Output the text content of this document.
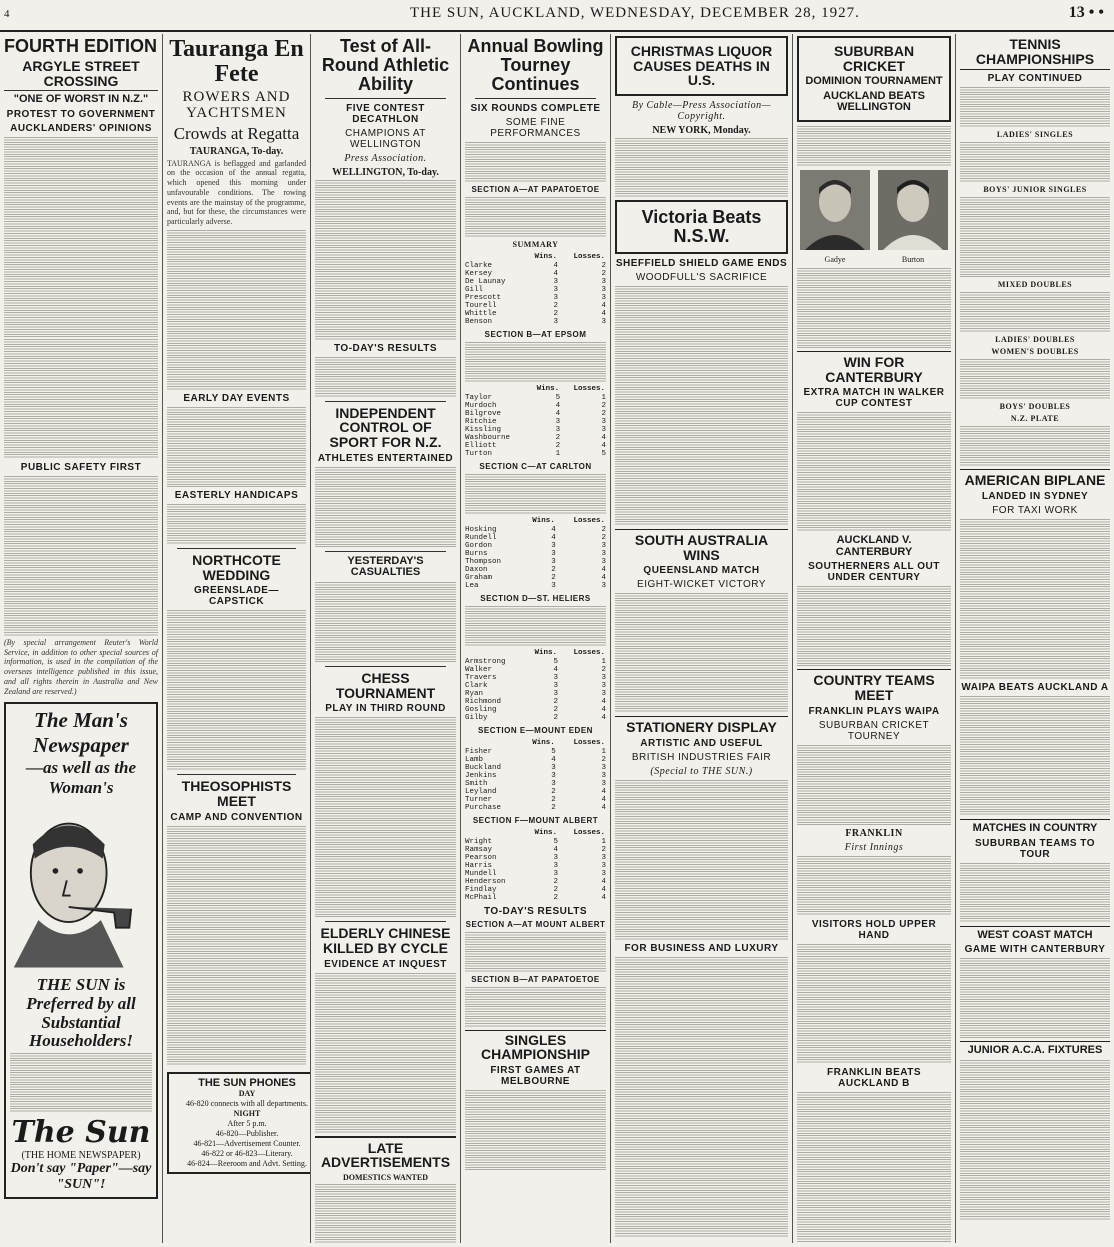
4	THE SUN, AUCKLAND, WEDNESDAY, DECEMBER 28, 1927.	13 • •
FOURTH EDITION
ARGYLE STREET CROSSING
"ONE OF WORST IN N.Z."
PROTEST TO GOVERNMENT
AUCKLANDERS' OPINIONS
PUBLIC SAFETY FIRST

(By special arrangement Reuter's World Service, in addition to other special sources of information, is used in the compilation of the overseas intelligence published in this issue, and all rights therein in Australia and New Zealand are reserved.)

The Man's Newspaper
—as well as the Woman's
THE SUN is Preferred by all
Substantial Householders!
The Sun
(THE HOME NEWSPAPER)
Don't say "Paper"—say "SUN"!
Tauranga En Fete
ROWERS AND YACHTSMEN
Crowds at Regatta
TAURANGA, To-day.

TAURANGA is beflagged and garlanded on the occasion of the annual regatta, which opened this morning under unfavourable conditions. The rowing events are the mainstay of the programme, and, but for these, the circumstances were particularly adverse.

EARLY DAY EVENTS
EASTERLY HANDICAPS
NORTHCOTE WEDDING
GREENSLADE—CAPSTICK
THEOSOPHISTS MEET
CAMP AND CONVENTION
THE SUN PHONES
DAY
46-820 connects with all departments.
NIGHT
After 5 p.m.
46-820—Publisher.
46-821—Advertisement Counter.
46-822 or 46-823—Literary.
46-824—Reeroom and Advt. Setting.
Test of All-Round Athletic Ability
FIVE CONTEST DECATHLON
CHAMPIONS AT WELLINGTON
Press Association.
WELLINGTON, To-day.
TO-DAY'S RESULTS
INDEPENDENT CONTROL OF SPORT FOR N.Z.
ATHLETES ENTERTAINED
YESTERDAY'S CASUALTIES
CHESS TOURNAMENT
PLAY IN THIRD ROUND
ELDERLY CHINESE KILLED BY CYCLE
EVIDENCE AT INQUEST
LATE ADVERTISEMENTS
DOMESTICS WANTED
Annual Bowling Tourney Continues
SIX ROUNDS COMPLETE
SOME FINE PERFORMANCES
SECTION A—AT PAPATOETOE
SUMMARY
	Wins.	Losses.
Clarke	4	2
Kersey	4	2
De Launay	3	3
Gill	3	3
Prescott	3	3
Tourell	2	4
Whittle	2	4
Benson	3	3
SECTION B—AT EPSOM
	Wins.	Losses.
Taylor	5	1
Murdoch	4	2
Bilgrove	4	2
Ritchie	3	3
Kissling	3	3
Washbourne	2	4
Elliott	2	4
Turton	1	5
SECTION C—AT CARLTON
	Wins.	Losses.
Hosking	4	2
Rundell	4	2
Gordon	3	3
Burns	3	3
Thompson	3	3
Daxon	2	4
Graham	2	4
Lea	3	3
SECTION D—ST. HELIERS
	Wins.	Losses.
Armstrong	5	1
Walker	4	2
Travers	3	3
Clark	3	3
Ryan	3	3
Richmond	2	4
Gosling	2	4
Gilby	2	4
SECTION E—MOUNT EDEN
	Wins.	Losses.
Fisher	5	1
Lamb	4	2
Buckland	3	3
Jenkins	3	3
Smith	3	3
Leyland	2	4
Turner	2	4
Purchase	2	4
SECTION F—MOUNT ALBERT
	Wins.	Losses.
Wright	5	1
Ramsay	4	2
Pearson	3	3
Harris	3	3
Mundell	3	3
Henderson	2	4
Findlay	2	4
McPhail	2	4
TO-DAY'S RESULTS
SECTION A—AT MOUNT ALBERT
SECTION B—AT PAPATOETOE
SINGLES CHAMPIONSHIP
FIRST GAMES AT MELBOURNE
CHRISTMAS LIQUOR CAUSES DEATHS IN U.S.
By Cable—Press Association—Copyright.
NEW YORK, Monday.
Victoria Beats N.S.W.
SHEFFIELD SHIELD GAME ENDS
WOODFULL'S SACRIFICE
SOUTH AUSTRALIA WINS
QUEENSLAND MATCH
EIGHT-WICKET VICTORY
STATIONERY DISPLAY
ARTISTIC AND USEFUL
BRITISH INDUSTRIES FAIR
(Special to THE SUN.)
FOR BUSINESS AND LUXURY
SUBURBAN CRICKET
DOMINION TOURNAMENT
AUCKLAND BEATS WELLINGTON
Gadye	Burton
WIN FOR CANTERBURY
EXTRA MATCH IN WALKER CUP CONTEST
AUCKLAND V. CANTERBURY
SOUTHERNERS ALL OUT UNDER CENTURY
COUNTRY TEAMS MEET
FRANKLIN PLAYS WAIPA
SUBURBAN CRICKET TOURNEY
FRANKLIN
First Innings
VISITORS HOLD UPPER HAND
FRANKLIN BEATS AUCKLAND B
TENNIS CHAMPIONSHIPS
PLAY CONTINUED
LADIES' SINGLES
BOYS' JUNIOR SINGLES
MIXED DOUBLES
LADIES' DOUBLES
WOMEN'S DOUBLES
BOYS' DOUBLES
N.Z. PLATE
AMERICAN BIPLANE
LANDED IN SYDNEY
FOR TAXI WORK
WAIPA BEATS AUCKLAND A
MATCHES IN COUNTRY
SUBURBAN TEAMS TO TOUR
WEST COAST MATCH
GAME WITH CANTERBURY
JUNIOR A.C.A. FIXTURES
